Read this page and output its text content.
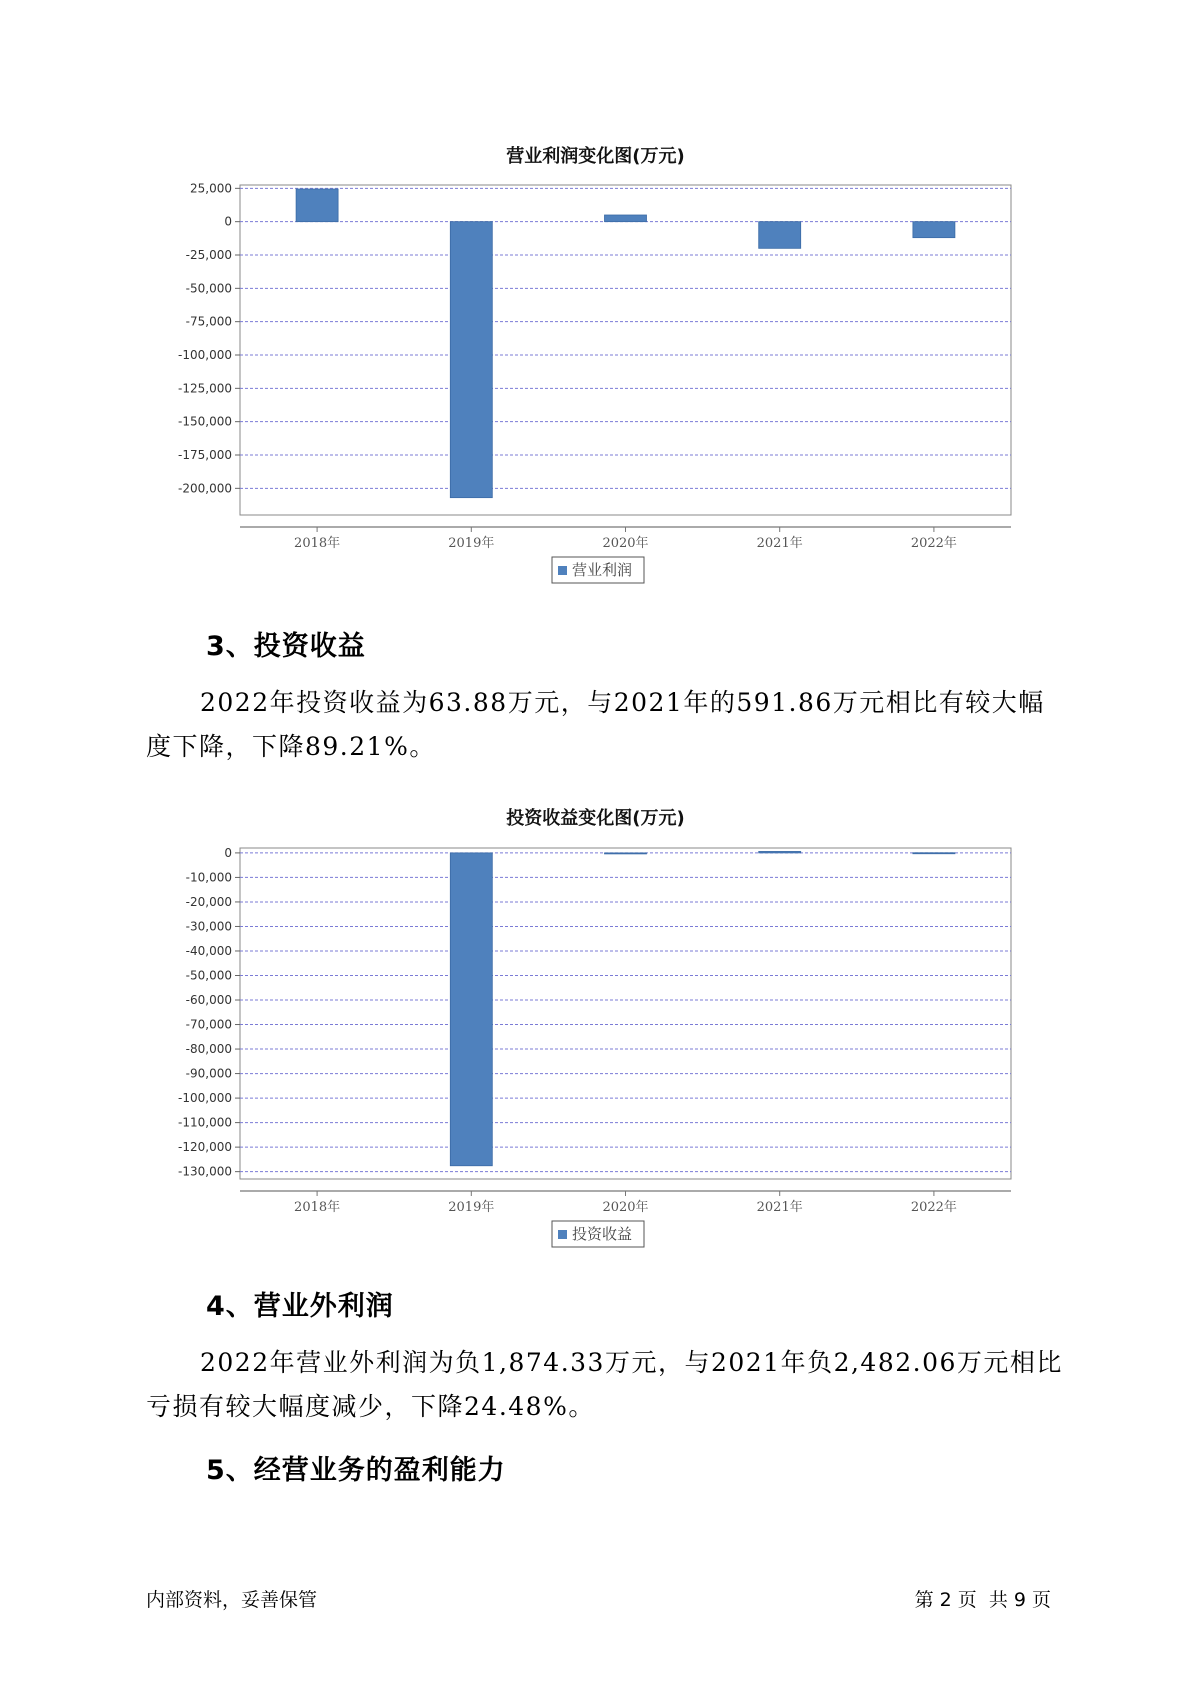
营业利润变化图(万元)
25,000
0
-25,000
-50,000
-75,000
-100,000
-125,000
-150,000
-175,000
-200,000
2018年	2019年	2020年	2021年	2022年
营业利润
3、投资收益

2022年投资收益为63.88万元，与2021年的591.86万元相比有较大幅度下降，下降89.21%。

投资收益变化图(万元)
0
-10,000
-20,000
-30,000
-40,000
-50,000
-60,000
-70,000
-80,000
-90,000
-100,000
-110,000
-120,000
-130,000
2018年	2019年	2020年	2021年	2022年
投资收益
4、营业外利润

2022年营业外利润为负1,874.33万元，与2021年负2,482.06万元相比亏损有较大幅度减少，下降24.48%。

5、经营业务的盈利能力
内部资料，妥善保管	第 2 页  共 9 页
